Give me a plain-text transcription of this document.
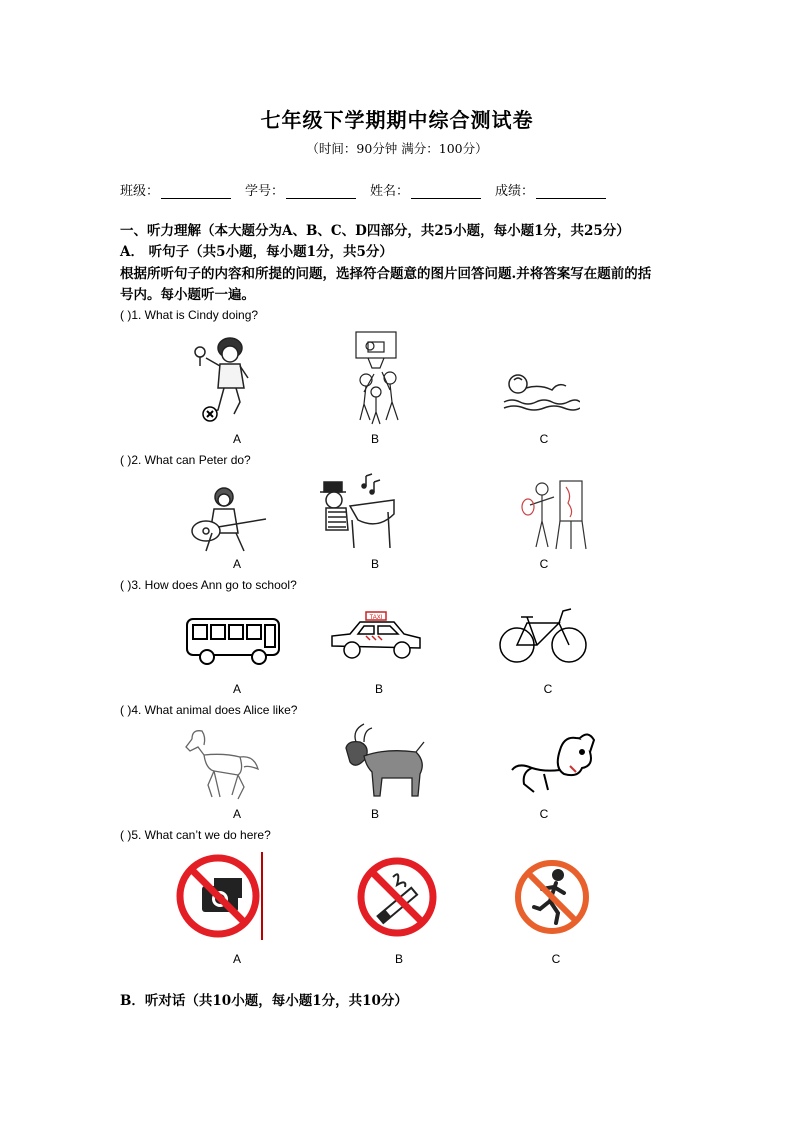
七年级下学期期中综合测试卷
（时间：90分钟 满分：100分）
班级：	学号：	姓名：	成绩：
一、听力理解（本大题分为A、B、C、D四部分，共25小题，每小题1分，共25分）
A． 听句子（共5小题，每小题1分，共5分）
根据所听句子的内容和所提的问题，选择符合题意的图片回答问题.并将答案写在题前的括
号内。每小题听一遍。
( )1. What is Cindy doing?
A	B	C
( )2. What can Peter do?
A	B	C
( )3. How does Ann go to school?
TAXI
A	B	C
( )4. What animal does Alice like?
A	B	C
( )5. What can’t we do here?
A	B	C
B．听对话（共10小题，每小题1分，共10分）
